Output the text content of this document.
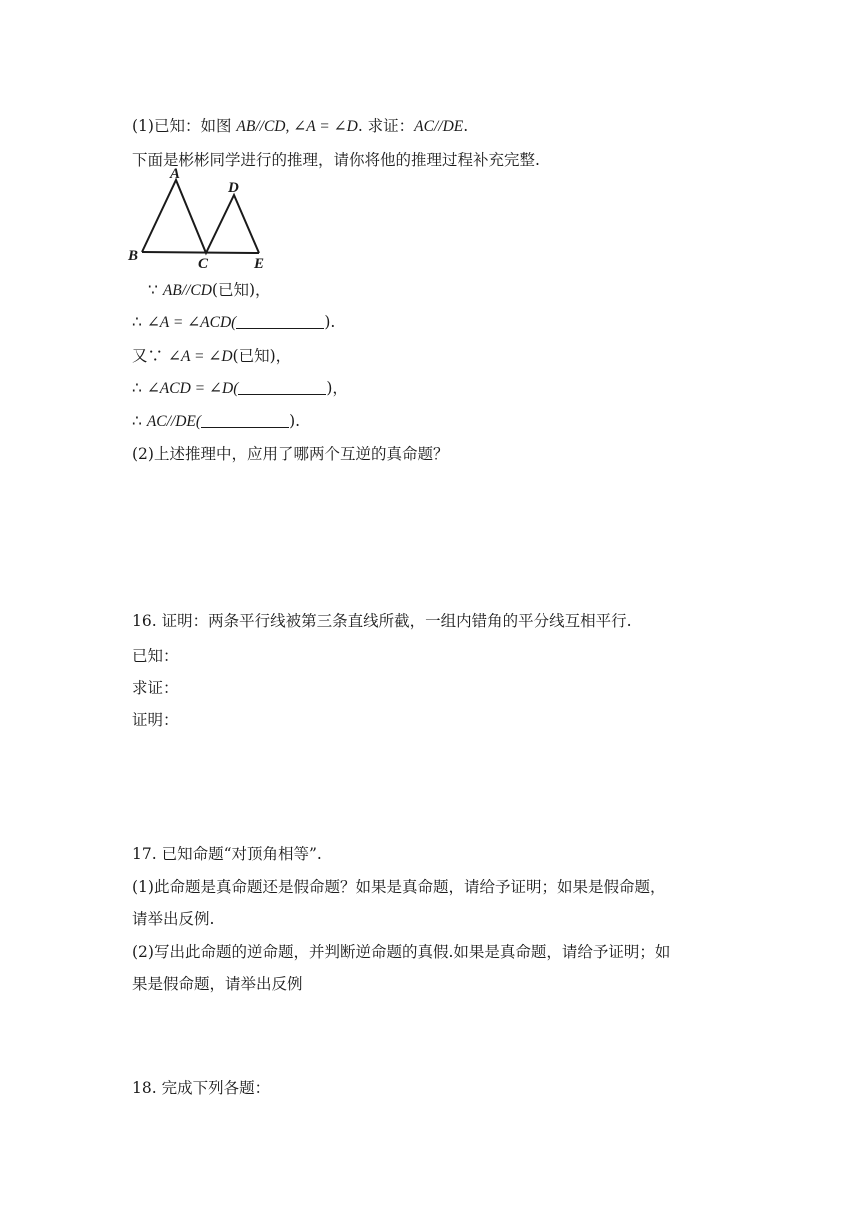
(1)已知：如图 AB//CD, ∠A = ∠D. 求证：AC//DE.
下面是彬彬同学进行的推理，请你将他的推理过程补充完整.
A
B	C
D
E
∵ AB//CD(已知)，
∴ ∠A = ∠ACD(	).
又∵ ∠A = ∠D(已知)，
∴ ∠ACD = ∠D(	)，
∴ AC//DE(	).
(2)上述推理中，应用了哪两个互逆的真命题？
16. 证明：两条平行线被第三条直线所截，一组内错角的平分线互相平行.
已知：
求证：
证明：
17. 已知命题“对顶角相等”.
(1)此命题是真命题还是假命题？如果是真命题，请给予证明；如果是假命题，
请举出反例.
(2)写出此命题的逆命题，并判断逆命题的真假.如果是真命题，请给予证明；如
果是假命题，请举出反例
18. 完成下列各题：
